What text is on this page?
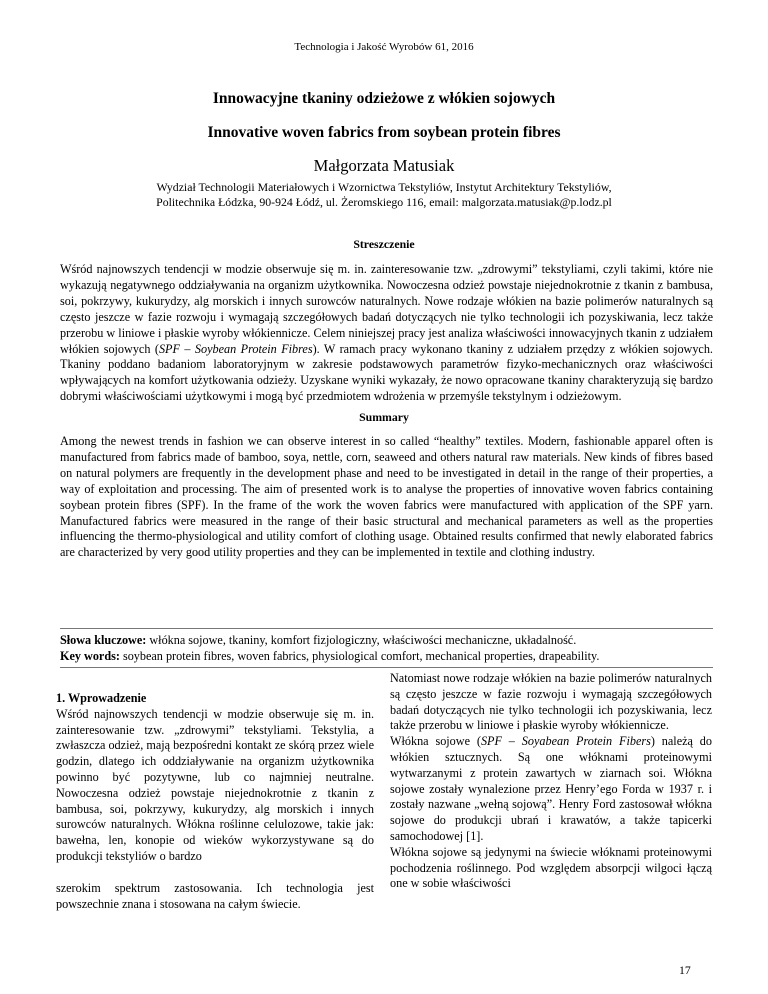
Technologia i Jakość Wyrobów 61, 2016
Innowacyjne tkaniny odzieżowe z włókien sojowych
Innovative woven fabrics from soybean protein fibres
Małgorzata Matusiak
Wydział Technologii Materiałowych i Wzornictwa Tekstyliów, Instytut Architektury Tekstyliów,
Politechnika Łódzka, 90-924 Łódź, ul. Żeromskiego 116, email: malgorzata.matusiak@p.lodz.pl
Streszczenie
Wśród najnowszych tendencji w modzie obserwuje się m. in. zainteresowanie tzw. „zdrowymi” tekstyliami, czyli takimi, które nie wykazują negatywnego oddziaływania na organizm użytkownika. Nowoczesna odzież powstaje niejednokrotnie z tkanin z bambusa, soi, pokrzywy, kukurydzy, alg morskich i innych surowców naturalnych. Nowe rodzaje włókien na bazie polimerów naturalnych są często jeszcze w fazie rozwoju i wymagają szczegółowych badań dotyczących nie tylko technologii ich pozyskiwania, lecz także przerobu w liniowe i płaskie wyroby włókiennicze. Celem niniejszej pracy jest analiza właściwości innowacyjnych tkanin z udziałem włókien sojowych (SPF – Soybean Protein Fibres). W ramach pracy wykonano tkaniny z udziałem przędzy z włókien sojowych. Tkaniny poddano badaniom laboratoryjnym w zakresie podstawowych parametrów fizyko-mechanicznych oraz właściwości wpływających na komfort użytkowania odzieży. Uzyskane wyniki wykazały, że nowo opracowane tkaniny charakteryzują się bardzo dobrymi właściwościami użytkowymi i mogą być przedmiotem wdrożenia w przemyśle tekstylnym i odzieżowym.
Summary
Among the newest trends in fashion we can observe interest in so called “healthy” textiles. Modern, fashionable apparel often is manufactured from fabrics made of bamboo, soya, nettle, corn, seaweed and others natural raw materials. New kinds of fibres based on natural polymers are frequently in the development phase and need to be investigated in detail in the range of their properties, a way of exploitation and processing. The aim of presented work is to analyse the properties of innovative woven fabrics containing soybean protein fibres (SPF). In the frame of the work the woven fabrics were manufactured with application of the SPF yarn. Manufactured fabrics were measured in the range of their basic structural and mechanical parameters as well as the properties influencing the thermo-physiological and utility comfort of clothing usage. Obtained results confirmed that newly elaborated fabrics are characterized by very good utility properties and they can be implemented in textile and clothing industry.
Słowa kluczowe: włókna sojowe, tkaniny, komfort fizjologiczny, właściwości mechaniczne, układalność.
Key words: soybean protein fibres, woven fabrics, physiological comfort, mechanical properties, drapeability.

1. Wprowadzenie

Wśród najnowszych tendencji w modzie obserwuje się m. in. zainteresowanie tzw. „zdrowymi” tekstyliami. Tekstylia, a zwłaszcza odzież, mają bezpośredni kontakt ze skórą przez wiele godzin, dlatego ich oddziaływanie na organizm użytkownika powinno być pozytywne, lub co najmniej neutralne. Nowoczesna odzież powstaje niejednokrotnie z tkanin z bambusa, soi, pokrzywy, kukurydzy, alg morskich i innych surowców naturalnych. Włókna roślinne celulozowe, takie jak: bawełna, len, konopie od wieków wykorzystywane są do produkcji tekstyliów o bardzo

szerokim spektrum zastosowania. Ich technologia jest powszechnie znana i stosowana na całym świecie.

Natomiast nowe rodzaje włókien na bazie polimerów naturalnych są często jeszcze w fazie rozwoju i wymagają szczegółowych badań dotyczących nie tylko technologii ich pozyskiwania, lecz także przerobu w liniowe i płaskie wyroby włókiennicze.

Włókna sojowe (SPF – Soyabean Protein Fibers) należą do włókien sztucznych. Są one włóknami proteinowymi wytwarzanymi z protein zawartych w ziarnach soi. Włókna sojowe zostały wynalezione przez Henry’ego Forda w 1937 r. i zostały nazwane „wełną sojową”. Henry Ford zastosował włókna sojowe do produkcji ubrań i krawatów, a także tapicerki samochodowej [1].

Włókna sojowe są jedynymi na świecie włóknami proteinowymi pochodzenia roślinnego. Pod względem absorpcji wilgoci łączą one w sobie właściwości

17
